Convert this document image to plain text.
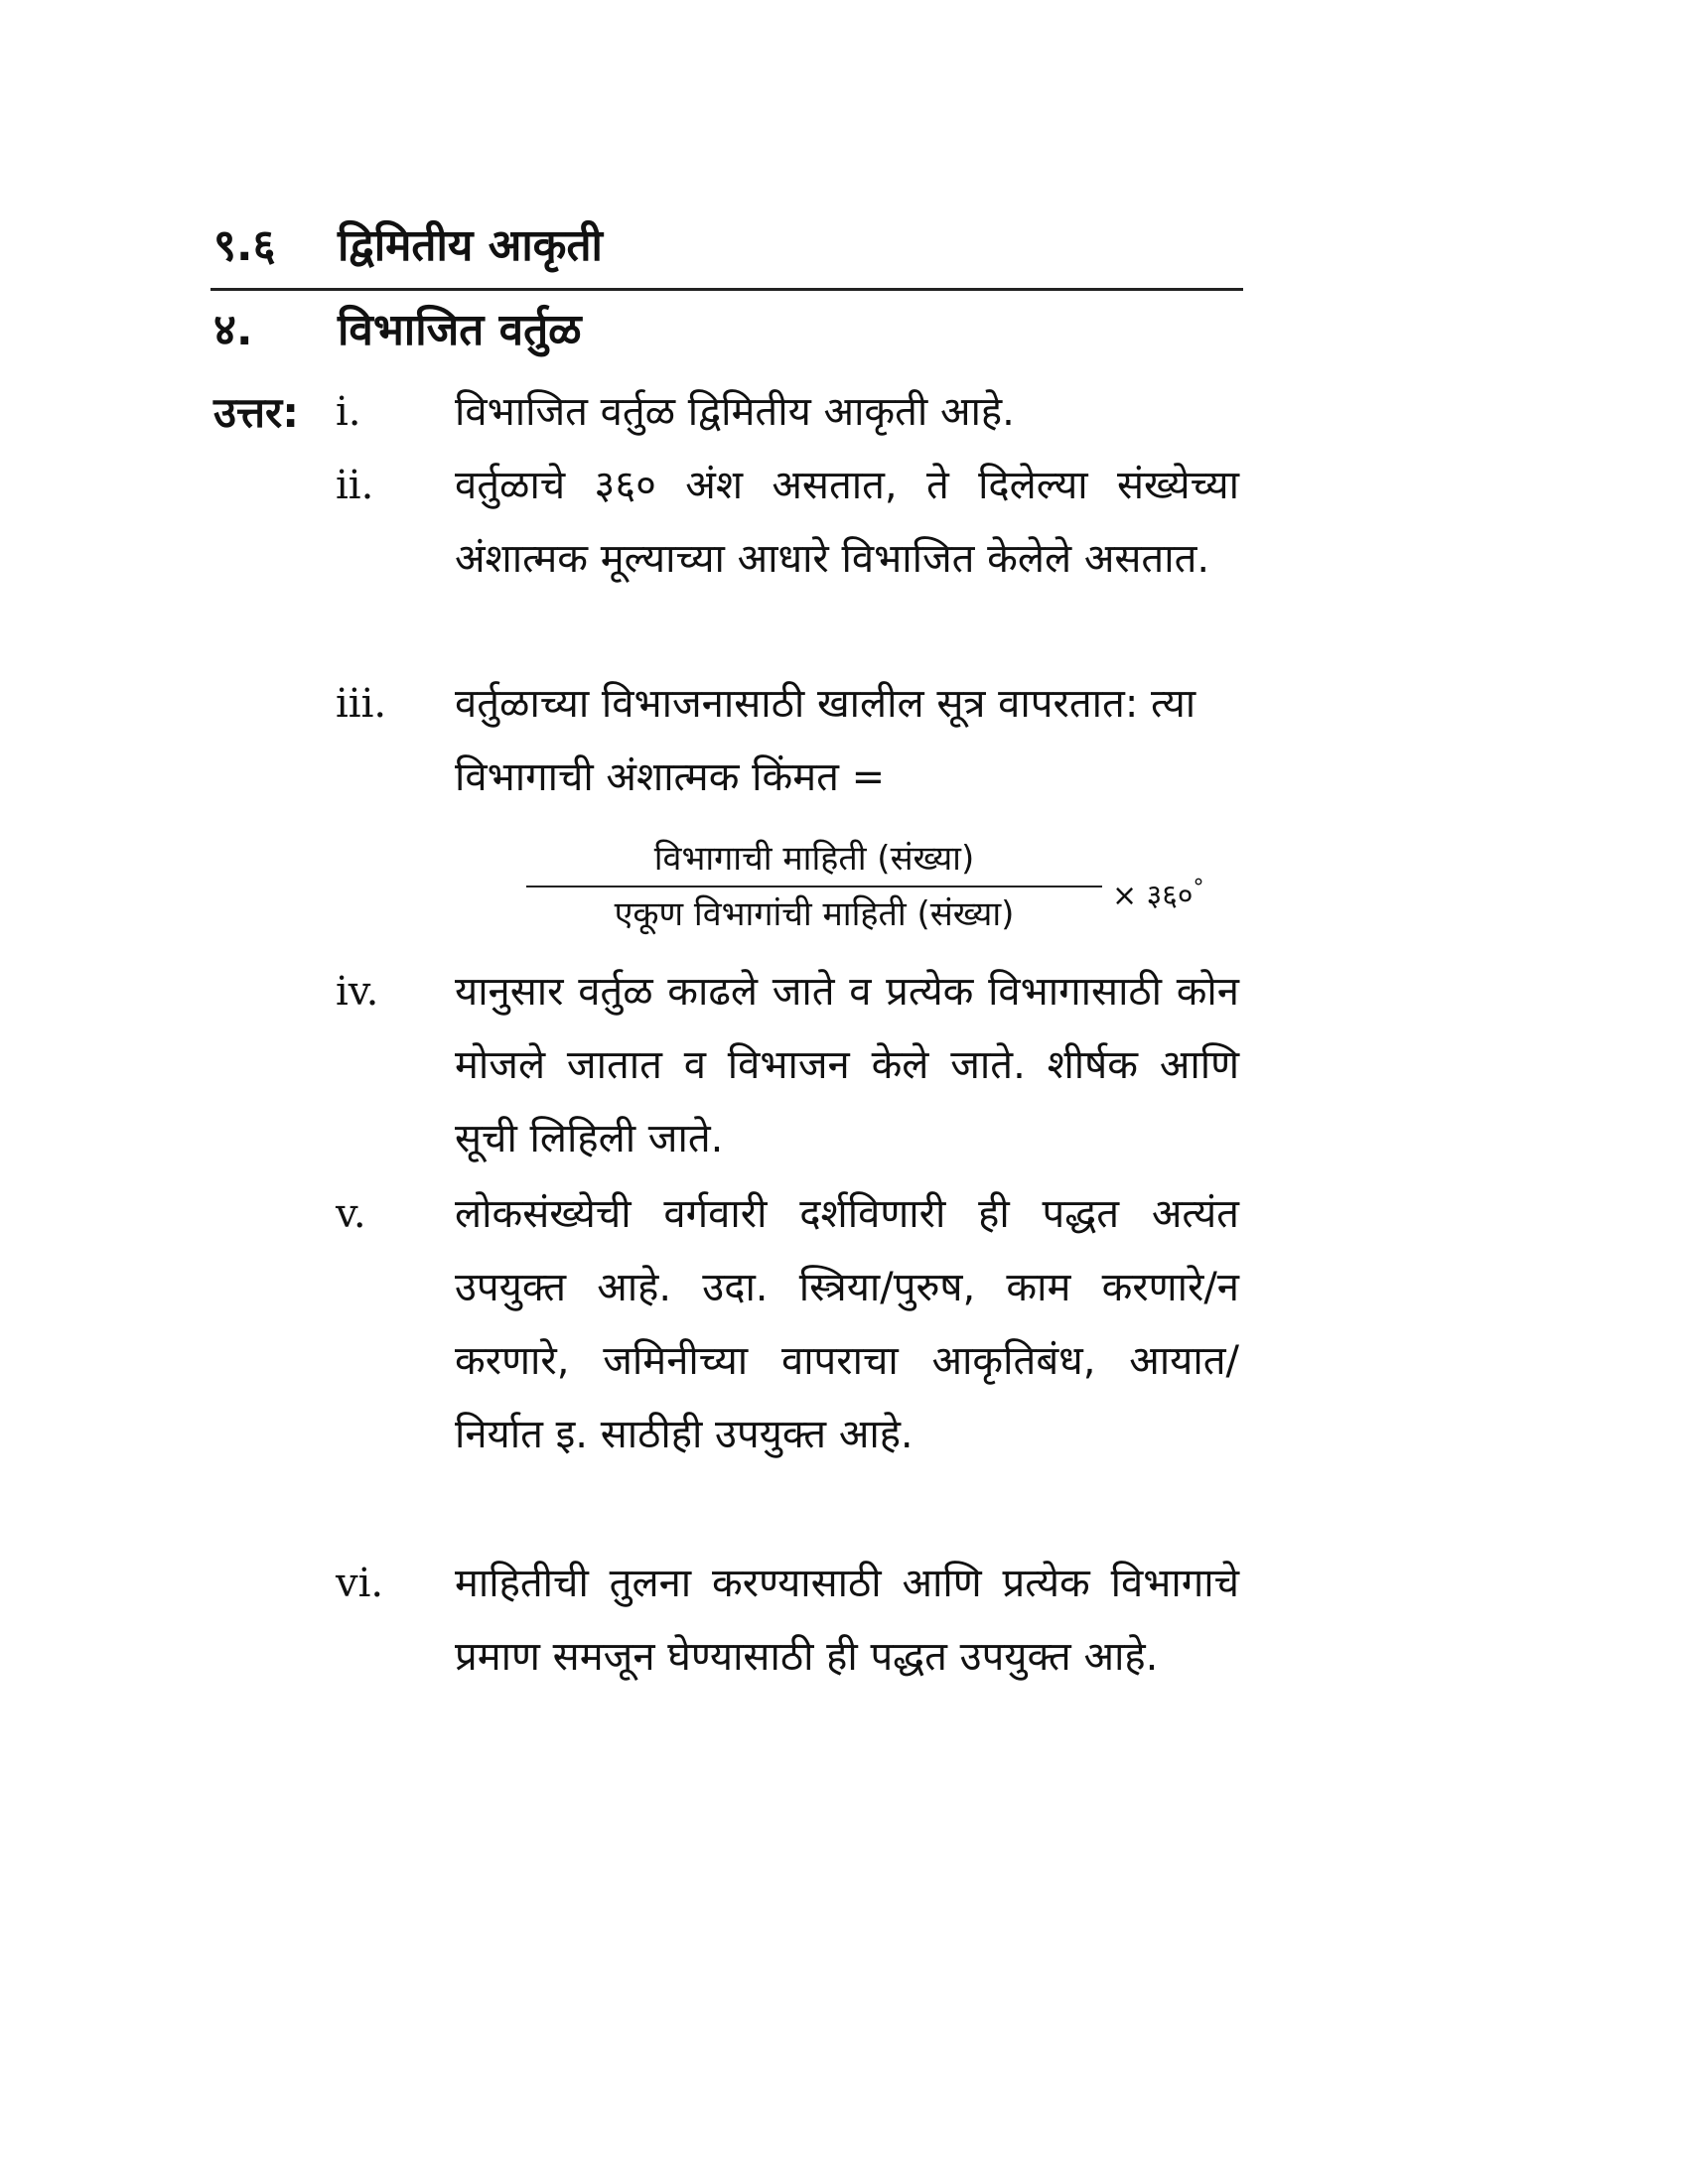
९.६ द्विमितीय आकृती
४. विभाजित वर्तुळ
उत्तर: i. विभाजित वर्तुळ द्विमितीय आकृती आहे.
ii. वर्तुळाचे ३६० अंश असतात, ते दिलेल्या संख्येच्या अंशात्मक मूल्याच्या आधारे विभाजित केलेले असतात.
iii. वर्तुळाच्या विभाजनासाठी खालील सूत्र वापरतात: त्या विभागाची अंशात्मक किंमत =
विभागाची माहिती (संख्या)
एकूण विभागांची माहिती (संख्या)	× ३६०°
iv. यानुसार वर्तुळ काढले जाते व प्रत्येक विभागासाठी कोन मोजले जातात व विभाजन केले जाते. शीर्षक आणि सूची लिहिली जाते.
v. लोकसंख्येची वर्गवारी दर्शविणारी ही पद्धत अत्यंत उपयुक्त आहे. उदा. स्त्रिया/पुरुष, काम करणारे/न करणारे, जमिनीच्या वापराचा आकृतिबंध, आयात/निर्यात इ. साठीही उपयुक्त आहे.
vi. माहितीची तुलना करण्यासाठी आणि प्रत्येक विभागाचे प्रमाण समजून घेण्यासाठी ही पद्धत उपयुक्त आहे.
